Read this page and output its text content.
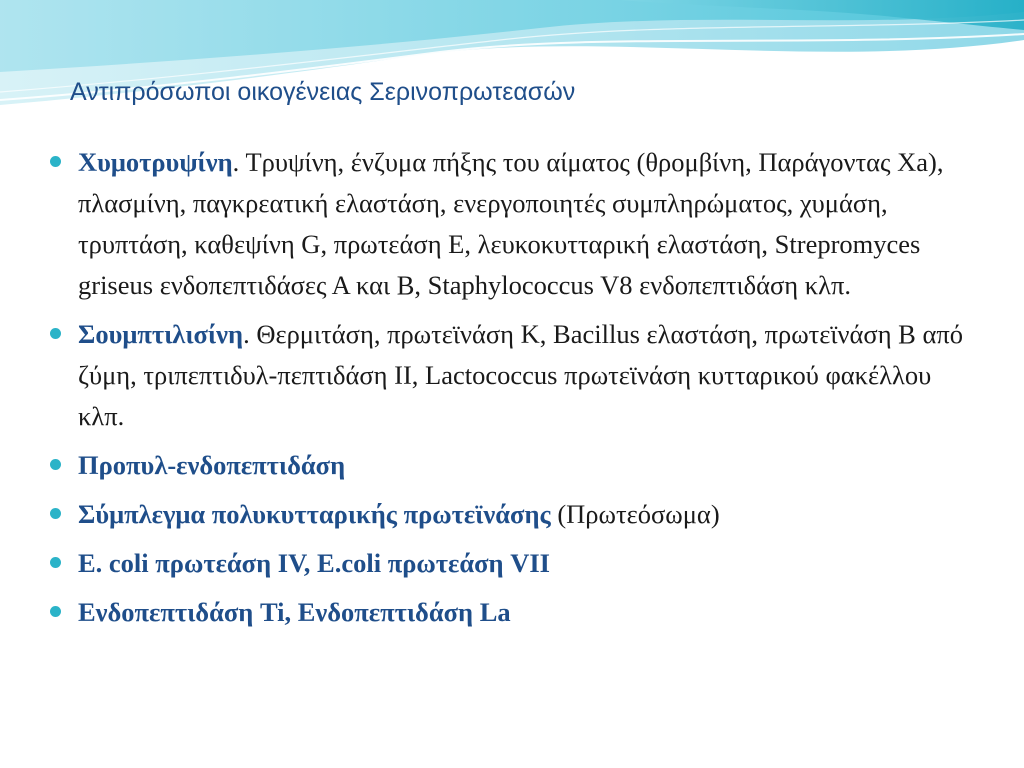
Αντιπρόσωποι οικογένειας Σερινοπρωτεασών
Χυμοτρυψίνη. Τρυψίνη, ένζυμα πήξης του αίματος (θρομβίνη, Παράγοντας Χa), πλασμίνη, παγκρεατική ελαστάση, ενεργοποιητές συμπληρώματος, χυμάση, τρυπτάση, καθεψίνη G, πρωτεάση Ε, λευκοκυτταρική ελαστάση, Strepromyces griseus ενδοπεπτιδάσες Α και Β, Staphylococcus V8 ενδοπεπτιδάση κλπ.
Σουμπτιλισίνη. Θερμιτάση, πρωτεϊνάση Κ, Bacillus ελαστάση, πρωτεϊνάση Β από ζύμη, τριπεπτιδυλ-πεπτιδάση ΙΙ, Lactococcus πρωτεϊνάση κυτταρικού φακέλλου κλπ.
Προπυλ-ενδοπεπτιδάση
Σύμπλεγμα πολυκυτταρικής πρωτεϊνάσης (Πρωτεόσωμα)
E. coli πρωτεάση IV, E.coli πρωτεάση VII
Ενδοπεπτιδάση Ti, Ενδοπεπτιδάση La
